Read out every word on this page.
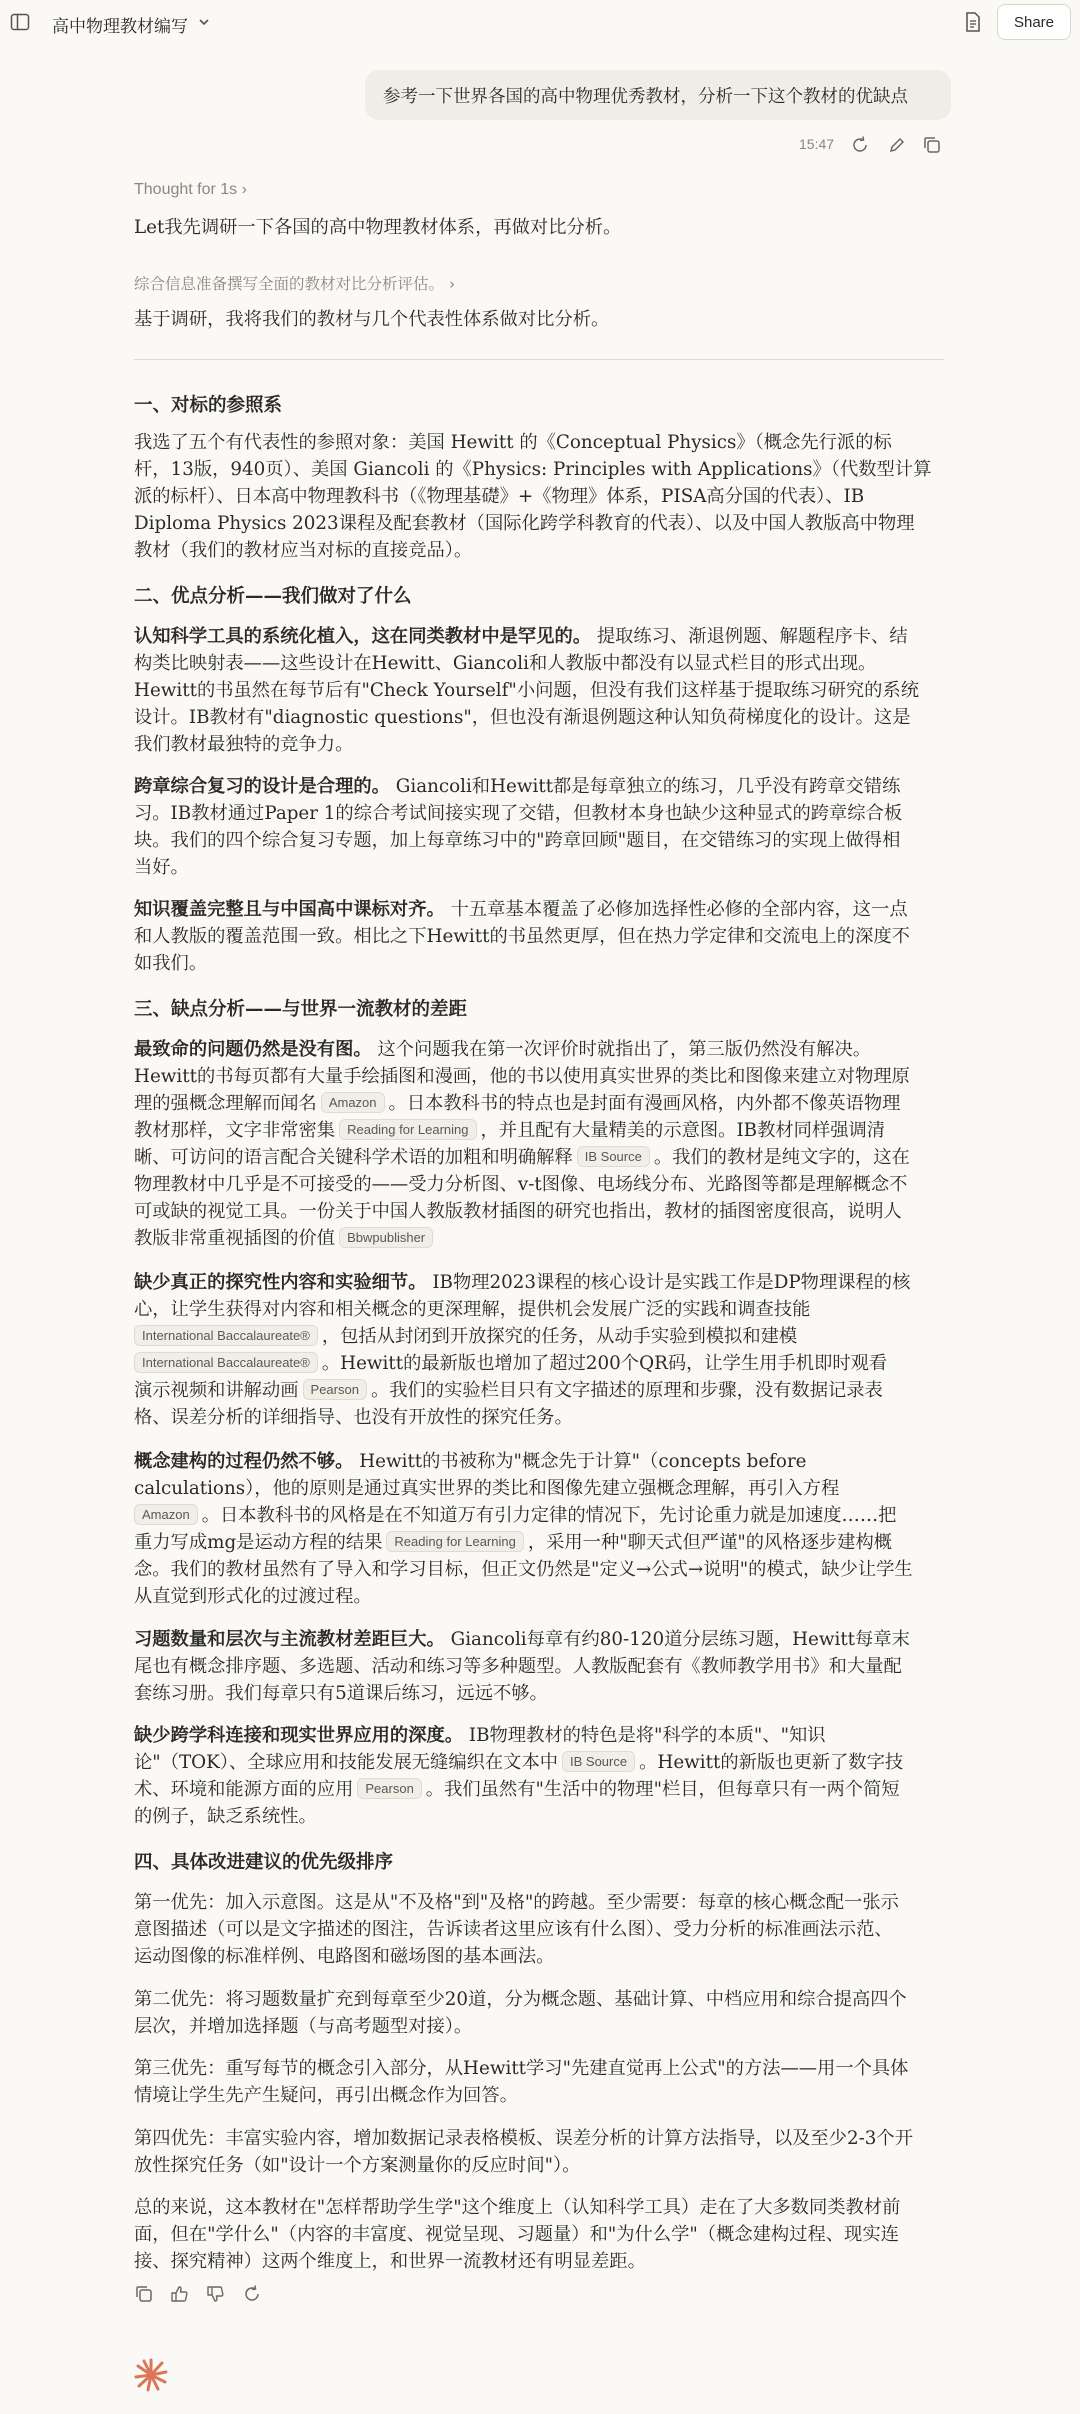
高中物理教材编写	Share
参考一下世界各国的高中物理优秀教材，分析一下这个教材的优缺点
15:47
Thought for 1s ›
Let我先调研一下各国的高中物理教材体系，再做对比分析。
综合信息准备撰写全面的教材对比分析评估。 ›
基于调研，我将我们的教材与几个代表性体系做对比分析。
一、对标的参照系
我选了五个有代表性的参照对象：美国 Hewitt 的《Conceptual Physics》（概念先行派的标
杆，13版，940页）、美国 Giancoli 的《Physics: Principles with Applications》（代数型计算
派的标杆）、日本高中物理教科书（《物理基礎》+《物理》体系，PISA高分国的代表）、IB
Diploma Physics 2023课程及配套教材（国际化跨学科教育的代表）、以及中国人教版高中物理
教材（我们的教材应当对标的直接竞品）。
二、优点分析——我们做对了什么
认知科学工具的系统化植入，这在同类教材中是罕见的。 提取练习、渐退例题、解题程序卡、结
构类比映射表——这些设计在Hewitt、Giancoli和人教版中都没有以显式栏目的形式出现。
Hewitt的书虽然在每节后有"Check Yourself"小问题，但没有我们这样基于提取练习研究的系统
设计。IB教材有"diagnostic questions"，但也没有渐退例题这种认知负荷梯度化的设计。这是
我们教材最独特的竞争力。
跨章综合复习的设计是合理的。 Giancoli和Hewitt都是每章独立的练习，几乎没有跨章交错练
习。IB教材通过Paper 1的综合考试间接实现了交错，但教材本身也缺少这种显式的跨章综合板
块。我们的四个综合复习专题，加上每章练习中的"跨章回顾"题目，在交错练习的实现上做得相
当好。
知识覆盖完整且与中国高中课标对齐。 十五章基本覆盖了必修加选择性必修的全部内容，这一点
和人教版的覆盖范围一致。相比之下Hewitt的书虽然更厚，但在热力学定律和交流电上的深度不
如我们。
三、缺点分析——与世界一流教材的差距
最致命的问题仍然是没有图。 这个问题我在第一次评价时就指出了，第三版仍然没有解决。
Hewitt的书每页都有大量手绘插图和漫画，他的书以使用真实世界的类比和图像来建立对物理原
理的强概念理解而闻名 Amazon 。日本教科书的特点也是封面有漫画风格，内外都不像英语物理
教材那样，文字非常密集 Reading for Learning ，并且配有大量精美的示意图。IB教材同样强调清
晰、可访问的语言配合关键科学术语的加粗和明确解释 IB Source 。我们的教材是纯文字的，这在
物理教材中几乎是不可接受的——受力分析图、v-t图像、电场线分布、光路图等都是理解概念不
可或缺的视觉工具。一份关于中国人教版教材插图的研究也指出，教材的插图密度很高，说明人
教版非常重视插图的价值 Bbwpublisher
缺少真正的探究性内容和实验细节。 IB物理2023课程的核心设计是实践工作是DP物理课程的核
心，让学生获得对内容和相关概念的更深理解，提供机会发展广泛的实践和调查技能
International Baccalaureate® ，包括从封闭到开放探究的任务，从动手实验到模拟和建模
International Baccalaureate® 。Hewitt的最新版也增加了超过200个QR码，让学生用手机即时观看
演示视频和讲解动画 Pearson 。我们的实验栏目只有文字描述的原理和步骤，没有数据记录表
格、误差分析的详细指导、也没有开放性的探究任务。
概念建构的过程仍然不够。 Hewitt的书被称为"概念先于计算"（concepts before
calculations），他的原则是通过真实世界的类比和图像先建立强概念理解，再引入方程
Amazon 。日本教科书的风格是在不知道万有引力定律的情况下，先讨论重力就是加速度……把
重力写成mg是运动方程的结果 Reading for Learning ，采用一种"聊天式但严谨"的风格逐步建构概
念。我们的教材虽然有了导入和学习目标，但正文仍然是"定义→公式→说明"的模式，缺少让学生
从直觉到形式化的过渡过程。
习题数量和层次与主流教材差距巨大。 Giancoli每章有约80-120道分层练习题，Hewitt每章末
尾也有概念排序题、多选题、活动和练习等多种题型。人教版配套有《教师教学用书》和大量配
套练习册。我们每章只有5道课后练习，远远不够。
缺少跨学科连接和现实世界应用的深度。 IB物理教材的特色是将"科学的本质"、"知识
论"（TOK）、全球应用和技能发展无缝编织在文本中 IB Source 。Hewitt的新版也更新了数字技
术、环境和能源方面的应用 Pearson 。我们虽然有"生活中的物理"栏目，但每章只有一两个简短
的例子，缺乏系统性。
四、具体改进建议的优先级排序
第一优先：加入示意图。这是从"不及格"到"及格"的跨越。至少需要：每章的核心概念配一张示
意图描述（可以是文字描述的图注，告诉读者这里应该有什么图）、受力分析的标准画法示范、
运动图像的标准样例、电路图和磁场图的基本画法。
第二优先：将习题数量扩充到每章至少20道，分为概念题、基础计算、中档应用和综合提高四个
层次，并增加选择题（与高考题型对接）。
第三优先：重写每节的概念引入部分，从Hewitt学习"先建直觉再上公式"的方法——用一个具体
情境让学生先产生疑问，再引出概念作为回答。
第四优先：丰富实验内容，增加数据记录表格模板、误差分析的计算方法指导，以及至少2-3个开
放性探究任务（如"设计一个方案测量你的反应时间"）。
总的来说，这本教材在"怎样帮助学生学"这个维度上（认知科学工具）走在了大多数同类教材前
面，但在"学什么"（内容的丰富度、视觉呈现、习题量）和"为什么学"（概念建构过程、现实连
接、探究精神）这两个维度上，和世界一流教材还有明显差距。
